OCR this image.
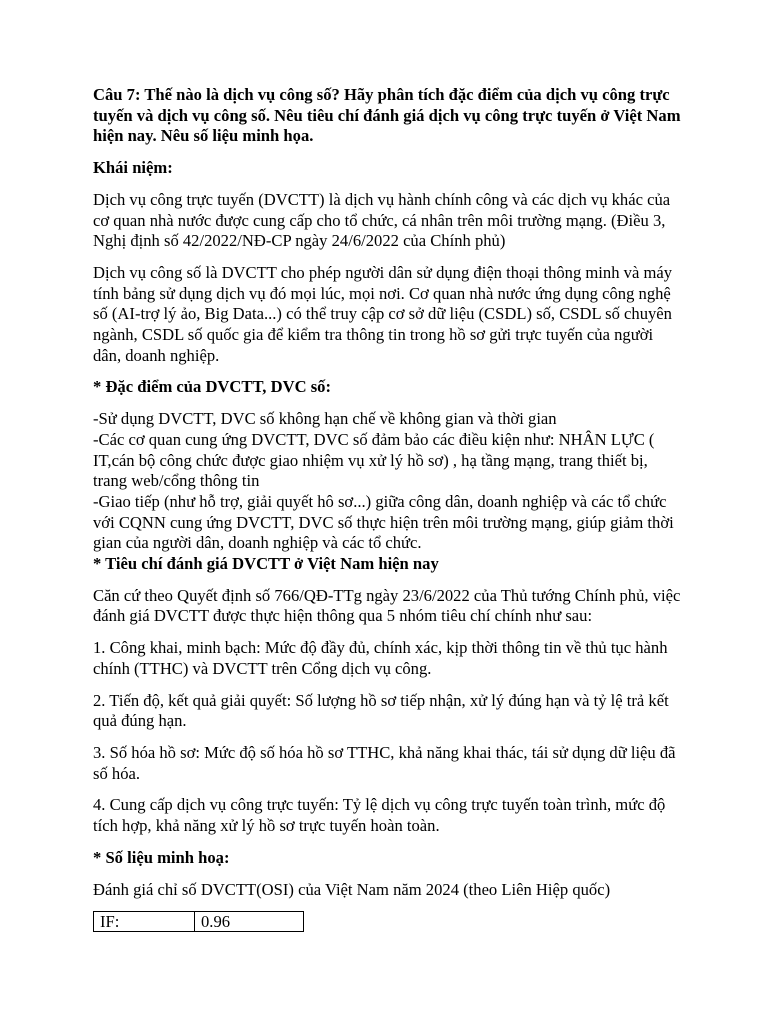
Câu 7: Thế nào là dịch vụ công số? Hãy phân tích đặc điểm của dịch vụ công trực tuyến và dịch vụ công số. Nêu tiêu chí đánh giá dịch vụ công trực tuyến ở Việt Nam hiện nay. Nêu số liệu minh họa.

Khái niệm:

Dịch vụ công trực tuyến (DVCTT) là dịch vụ hành chính công và các dịch vụ khác của cơ quan nhà nước được cung cấp cho tổ chức, cá nhân trên môi trường mạng. (Điều 3, Nghị định số 42/2022/NĐ-CP ngày 24/6/2022 của Chính phủ)

Dịch vụ công số là DVCTT cho phép người dân sử dụng điện thoại thông minh và máy tính bảng sử dụng dịch vụ đó mọi lúc, mọi nơi. Cơ quan nhà nước ứng dụng công nghệ số (AI-trợ lý ảo, Big Data...) có thể truy cập cơ sở dữ liệu (CSDL) số, CSDL số chuyên ngành, CSDL số quốc gia để kiểm tra thông tin trong hồ sơ gửi trực tuyến của người dân, doanh nghiệp.

* Đặc điểm của DVCTT, DVC số:

-Sử dụng DVCTT, DVC số không hạn chế về không gian và thời gian
-Các cơ quan cung ứng DVCTT, DVC số đảm bảo các điều kiện như: NHÂN LỰC ( IT,cán bộ công chức được giao nhiệm vụ xử lý hồ sơ) , hạ tầng mạng, trang thiết bị, trang web/cổng thông tin
-Giao tiếp (như hỗ trợ, giải quyết hô sơ...) giữa công dân, doanh nghiệp và các tổ chức với CQNN cung ứng DVCTT, DVC số thực hiện trên môi trường mạng, giúp giảm thời gian của người dân, doanh nghiệp và các tổ chức.

* Tiêu chí đánh giá DVCTT ở Việt Nam hiện nay

Căn cứ theo Quyết định số 766/QĐ-TTg ngày 23/6/2022 của Thủ tướng Chính phủ, việc đánh giá DVCTT được thực hiện thông qua 5 nhóm tiêu chí chính như sau:

1. Công khai, minh bạch: Mức độ đầy đủ, chính xác, kịp thời thông tin về thủ tục hành chính (TTHC) và DVCTT trên Cổng dịch vụ công.

2. Tiến độ, kết quả giải quyết: Số lượng hồ sơ tiếp nhận, xử lý đúng hạn và tỷ lệ trả kết quả đúng hạn.

3. Số hóa hồ sơ: Mức độ số hóa hồ sơ TTHC, khả năng khai thác, tái sử dụng dữ liệu đã số hóa.

4. Cung cấp dịch vụ công trực tuyến: Tỷ lệ dịch vụ công trực tuyến toàn trình, mức độ tích hợp, khả năng xử lý hồ sơ trực tuyến hoàn toàn.

* Số liệu minh hoạ:

Đánh giá chỉ số DVCTT(OSI) của Việt Nam năm 2024 (theo Liên Hiệp quốc)

IF:	0.96
